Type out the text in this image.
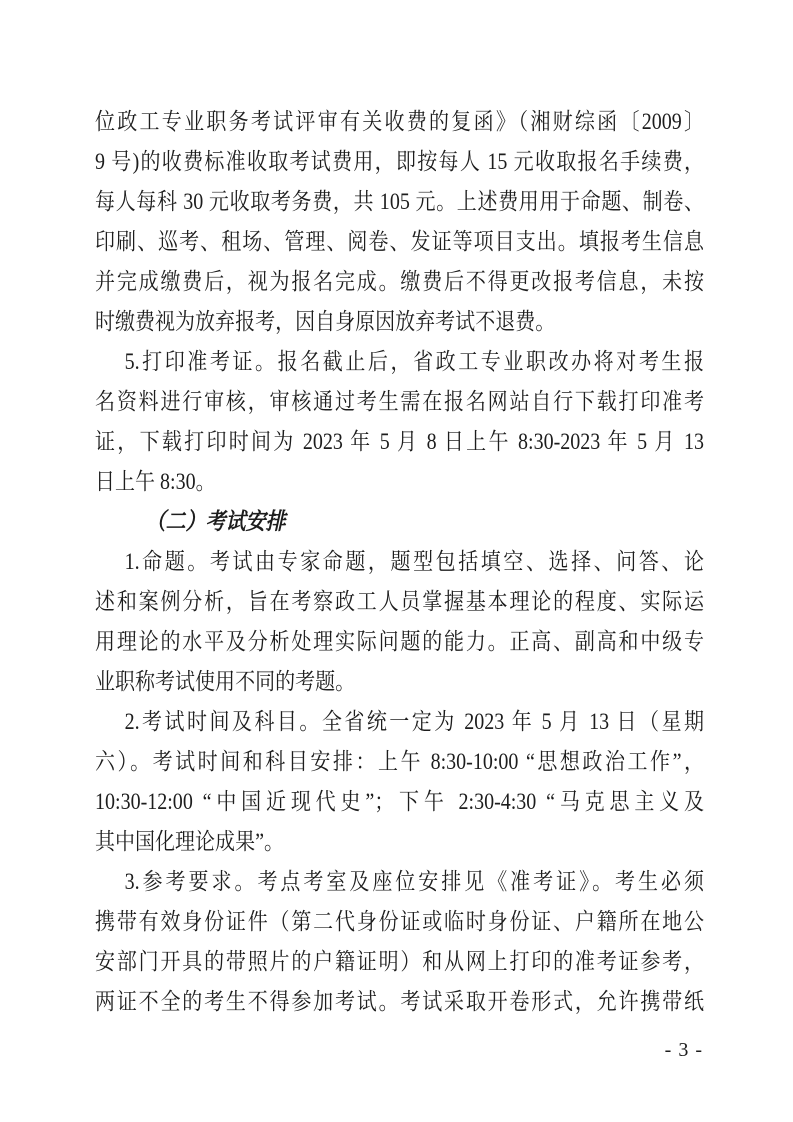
位政工专业职务考试评审有关收费的复函》（湘财综函〔2009〕
9 号)的收费标准收取考试费用，即按每人 15 元收取报名手续费，
每人每科 30 元收取考务费，共 105 元。上述费用用于命题、制卷、
印刷、巡考、租场、管理、阅卷、发证等项目支出。填报考生信息
并完成缴费后，视为报名完成。缴费后不得更改报考信息，未按
时缴费视为放弃报考，因自身原因放弃考试不退费。
5.打印准考证。报名截止后，省政工专业职改办将对考生报
名资料进行审核，审核通过考生需在报名网站自行下载打印准考
证，下载打印时间为 2023 年 5 月 8 日上午 8:30-2023 年 5 月 13
日上午 8:30。
（二）考试安排
1.命题。考试由专家命题，题型包括填空、选择、问答、论
述和案例分析，旨在考察政工人员掌握基本理论的程度、实际运
用理论的水平及分析处理实际问题的能力。正高、副高和中级专
业职称考试使用不同的考题。
2.考试时间及科目。全省统一定为 2023 年 5 月 13 日（星期
六）。考试时间和科目安排：上午 8:30-10:00 “思想政治工作”，
10:30-12:00 “中国近现代史”；下午 2:30-4:30 “马克思主义及
其中国化理论成果”。
3.参考要求。考点考室及座位安排见《准考证》。考生必须
携带有效身份证件（第二代身份证或临时身份证、户籍所在地公
安部门开具的带照片的户籍证明）和从网上打印的准考证参考，
两证不全的考生不得参加考试。考试采取开卷形式，允许携带纸
- 3 -
